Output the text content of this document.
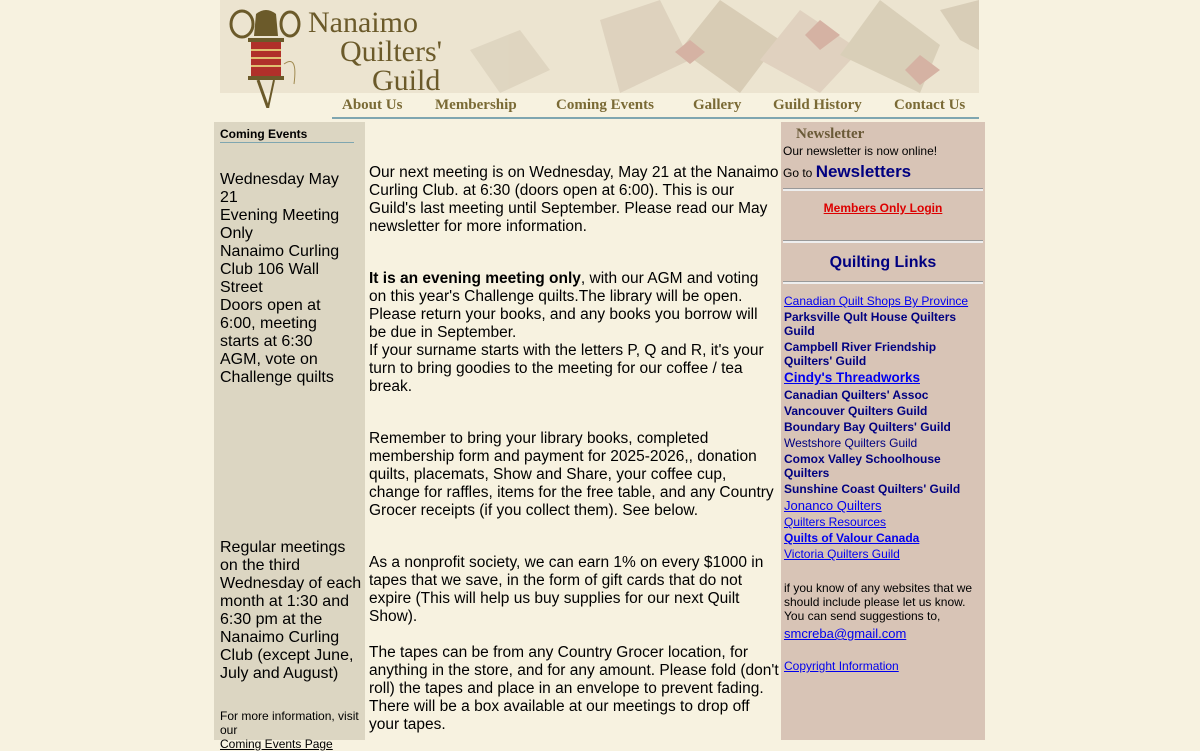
Nanaimo
Quilters'
Guild
About Us Membership	Coming Events	Gallery Guild History Contact Us
Coming Events
Wednesday May 21
Evening Meeting Only
Nanaimo Curling Club 106 Wall Street
Doors open at 6:00, meeting starts at 6:30
AGM, vote on Challenge quilts
Regular meetings on the third Wednesday of each month at 1:30 and 6:30 pm at the Nanaimo Curling Club (except June, July and August)
For more information, visit our
Coming Events Page

Our next meeting is on Wednesday, May 21 at the Nanaimo Curling Club. at 6:30 (doors open at 6:00). This is our Guild's last meeting until September. Please read our May newsletter for more information.

It is an evening meeting only, with our AGM and voting on this year's Challenge quilts.The library will be open. Please return your books, and any books you borrow will be due in September.

If your surname starts with the letters P, Q and R, it's your turn to bring goodies to the meeting for our coffee / tea break.

Remember to bring your library books, completed membership form and payment for 2025-2026,, donation quilts, placemats, Show and Share, your coffee cup, change for raffles, items for the free table, and any Country Grocer receipts (if you collect them). See below.

As a nonprofit society, we can earn 1% on every $1000 in tapes that we save, in the form of gift cards that do not expire (This will help us buy supplies for our next Quilt Show).

The tapes can be from any Country Grocer location, for anything in the store, and for any amount. Please fold (don't roll) the tapes and place in an envelope to prevent fading. There will be a box available at our meetings to drop off your tapes.

Newsletter
Our newsletter is now online!
Go to Newsletters
Members Only Login
Quilting Links
Canadian Quilt Shops By Province
Parksville Qult House Quilters Guild
Campbell River Friendship Quilters' Guild
Cindy's Threadworks
Canadian Quilters' Assoc
Vancouver Quilters Guild
Boundary Bay Quilters' Guild
Westshore Quilters Guild
Comox Valley Schoolhouse Quilters
Sunshine Coast Quilters' Guild
Jonanco Quilters
Quilters Resources
Quilts of Valour Canada
Victoria Quilters Guild
if you know of any websites that we should include please let us know. You can send suggestions to,
smcreba@gmail.com
Copyright Information
